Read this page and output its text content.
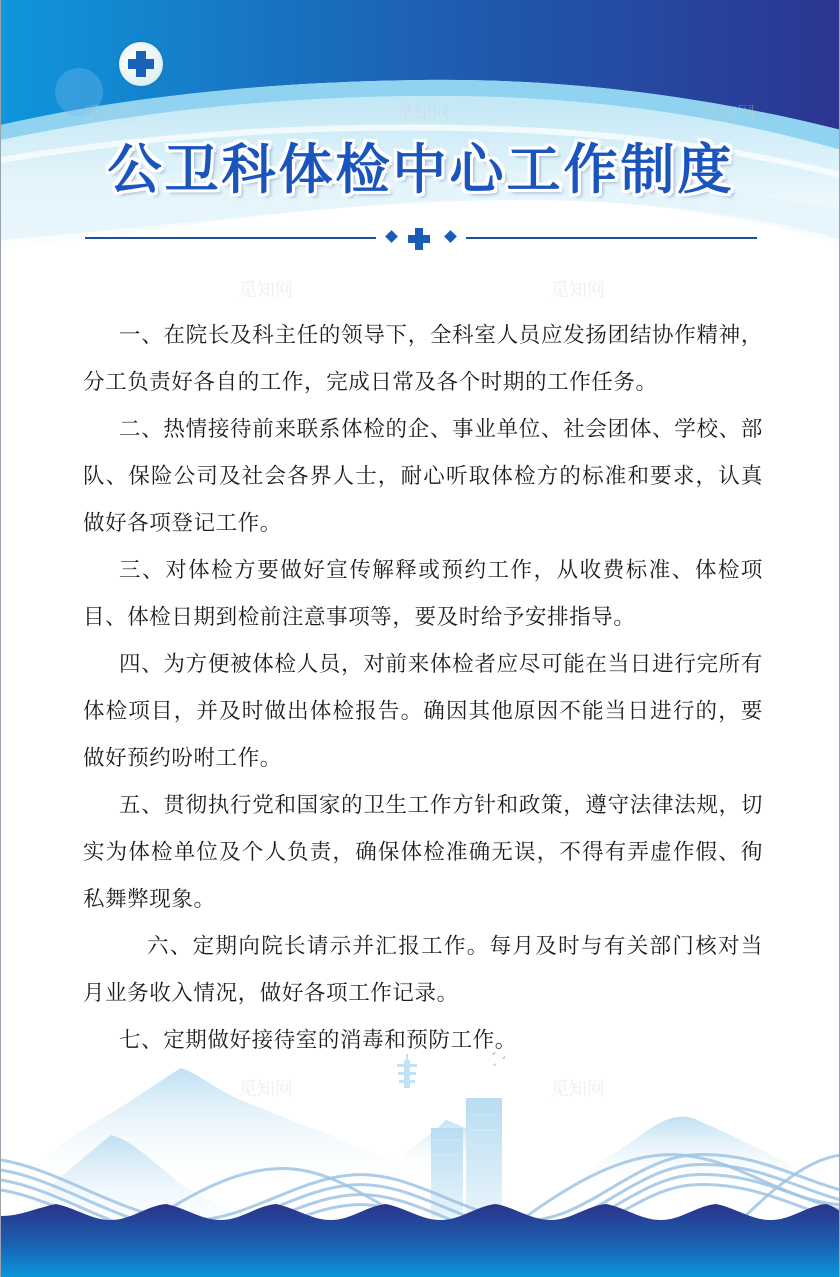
公卫科体检中心工作制度
觅知网	觅知网
觅知网
觅知网
觅知网

一、在院长及科主任的领导下，全科室人员应发扬团结协作精神，分工负责好各自的工作，完成日常及各个时期的工作任务。

二、热情接待前来联系体检的企、事业单位、社会团体、学校、部队、保险公司及社会各界人士，耐心听取体检方的标准和要求，认真做好各项登记工作。

三、对体检方要做好宣传解释或预约工作，从收费标准、体检项目、体检日期到检前注意事项等，要及时给予安排指导。

四、为方便被体检人员，对前来体检者应尽可能在当日进行完所有体检项目，并及时做出体检报告。确因其他原因不能当日进行的，要做好预约吩咐工作。

五、贯彻执行党和国家的卫生工作方针和政策，遵守法律法规，切实为体检单位及个人负责，确保体检准确无误，不得有弄虚作假、徇私舞弊现象。

六、定期向院长请示并汇报工作。每月及时与有关部门核对当月业务收入情况，做好各项工作记录。

七、定期做好接待室的消毒和预防工作。

觅知网	觅知网
